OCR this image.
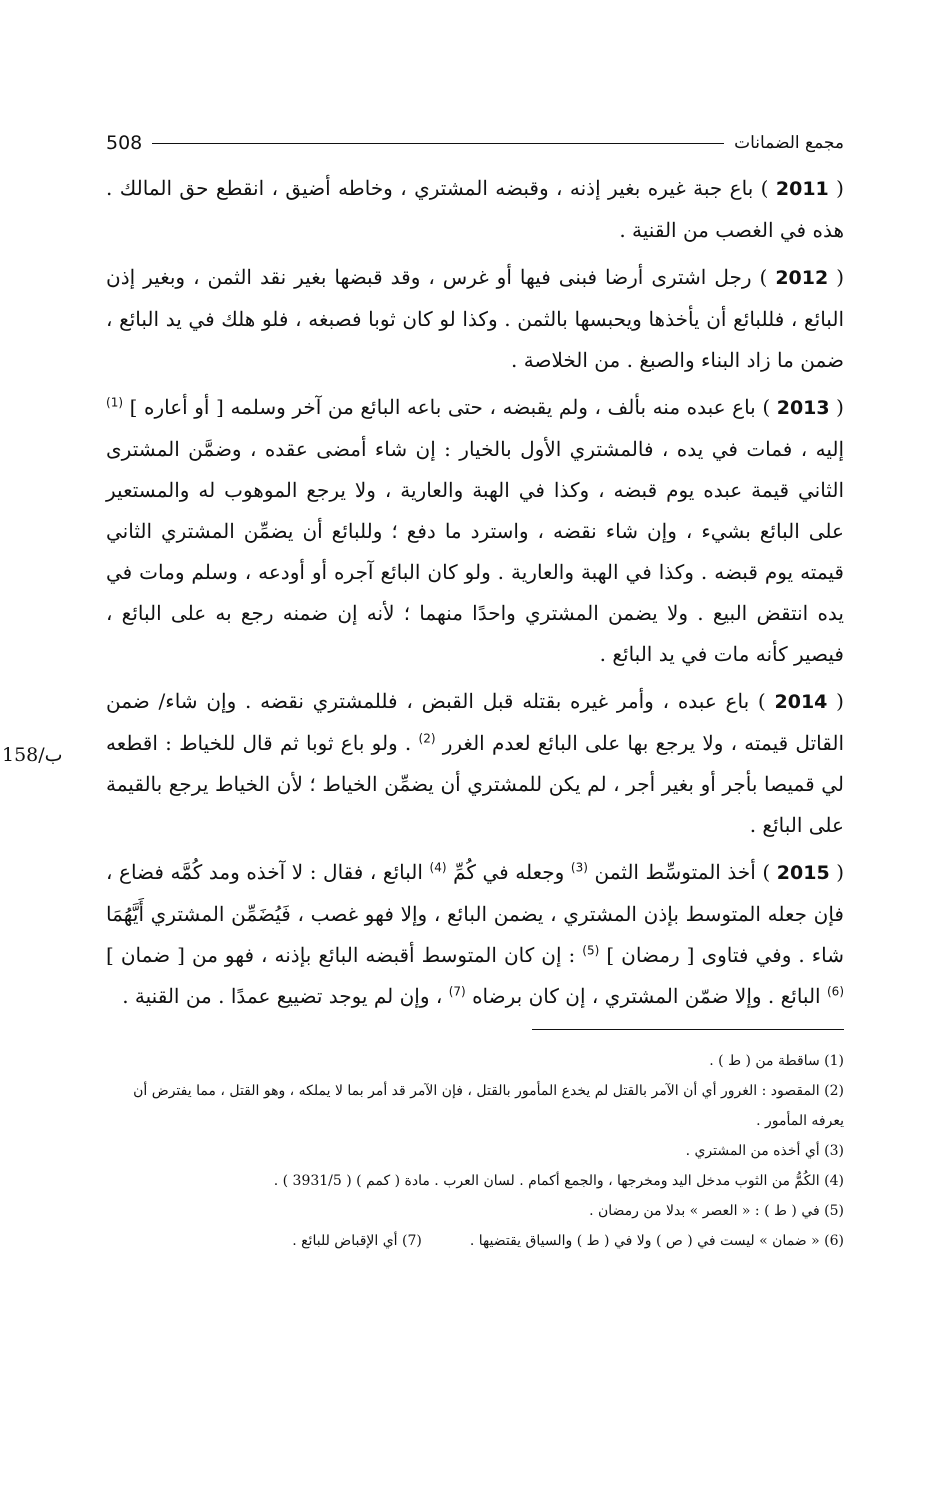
مجمع الضمانات
508
158/ب

( 2011 ) باع جبة غيره بغير إذنه ، وقبضه المشتري ، وخاطه أضيق ، انقطع حق المالك . هذه في الغصب من القنية .

( 2012 ) رجل اشترى أرضا فبنى فيها أو غرس ، وقد قبضها بغير نقد الثمن ، وبغير إذن البائع ، فللبائع أن يأخذها ويحبسها بالثمن . وكذا لو كان ثوبا فصبغه ، فلو هلك في يد البائع ، ضمن ما زاد البناء والصبغ . من الخلاصة .

( 2013 ) باع عبده منه بألف ، ولم يقبضه ، حتى باعه البائع من آخر وسلمه [ أو أعاره ] $^{(1)}$ إليه ، فمات في يده ، فالمشتري الأول بالخيار : إن شاء أمضى عقده ، وضمَّن المشترى الثاني قيمة عبده يوم قبضه ، وكذا في الهبة والعارية ، ولا يرجع الموهوب له والمستعير على البائع بشيء ، وإن شاء نقضه ، واسترد ما دفع ؛ وللبائع أن يضمِّن المشتري الثاني قيمته يوم قبضه . وكذا في الهبة والعارية . ولو كان البائع آجره أو أودعه ، وسلم ومات في يده انتقض البيع . ولا يضمن المشتري واحدًا منهما ؛ لأنه إن ضمنه رجع به على البائع ، فيصير كأنه مات في يد البائع .

( 2014 ) باع عبده ، وأمر غيره بقتله قبل القبض ، فللمشتري نقضه . وإن شاء/ ضمن القاتل قيمته ، ولا يرجع بها على البائع لعدم الغرر $^{(2)}$ . ولو باع ثوبا ثم قال للخياط : اقطعه لي قميصا بأجر أو بغير أجر ، لم يكن للمشتري أن يضمِّن الخياط ؛ لأن الخياط يرجع بالقيمة على البائع .

( 2015 ) أخذ المتوسِّط الثمن $^{(3)}$ وجعله في كُمِّ $^{(4)}$ البائع ، فقال : لا آخذه ومد كُمَّه فضاع ، فإن جعله المتوسط بإذن المشتري ، يضمن البائع ، وإلا فهو غصب ، فَيُضَمِّن المشتري أَيَّهُمَا شاء . وفي فتاوى [ رمضان ] $^{(5)}$ : إن كان المتوسط أقبضه البائع بإذنه ، فهو من [ ضمان ] $^{(6)}$ البائع . وإلا ضمّن المشتري ، إن كان برضاه $^{(7)}$ ، وإن لم يوجد تضييع عمدًا . من القنية .

(1) ساقطة من ( ط ) .

(2) المقصود : الغرور أي أن الآمر بالقتل لم يخدع المأمور بالقتل ، فإن الآمر قد أمر بما لا يملكه ، وهو القتل ، مما يفترض أن يعرفه المأمور .

(3) أي أخذه من المشتري .

(4) الكُمُّ من الثوب مدخل اليد ومخرجها ، والجمع أكمام . لسان العرب . مادة ( كمم ) ( 3931/5 ) .

(5) في ( ط ) : « العصر » بدلا من رمضان .

(6) « ضمان » ليست في ( ص ) ولا في ( ط ) والسياق يقتضيها .

(7) أي الإقباض للبائع .
